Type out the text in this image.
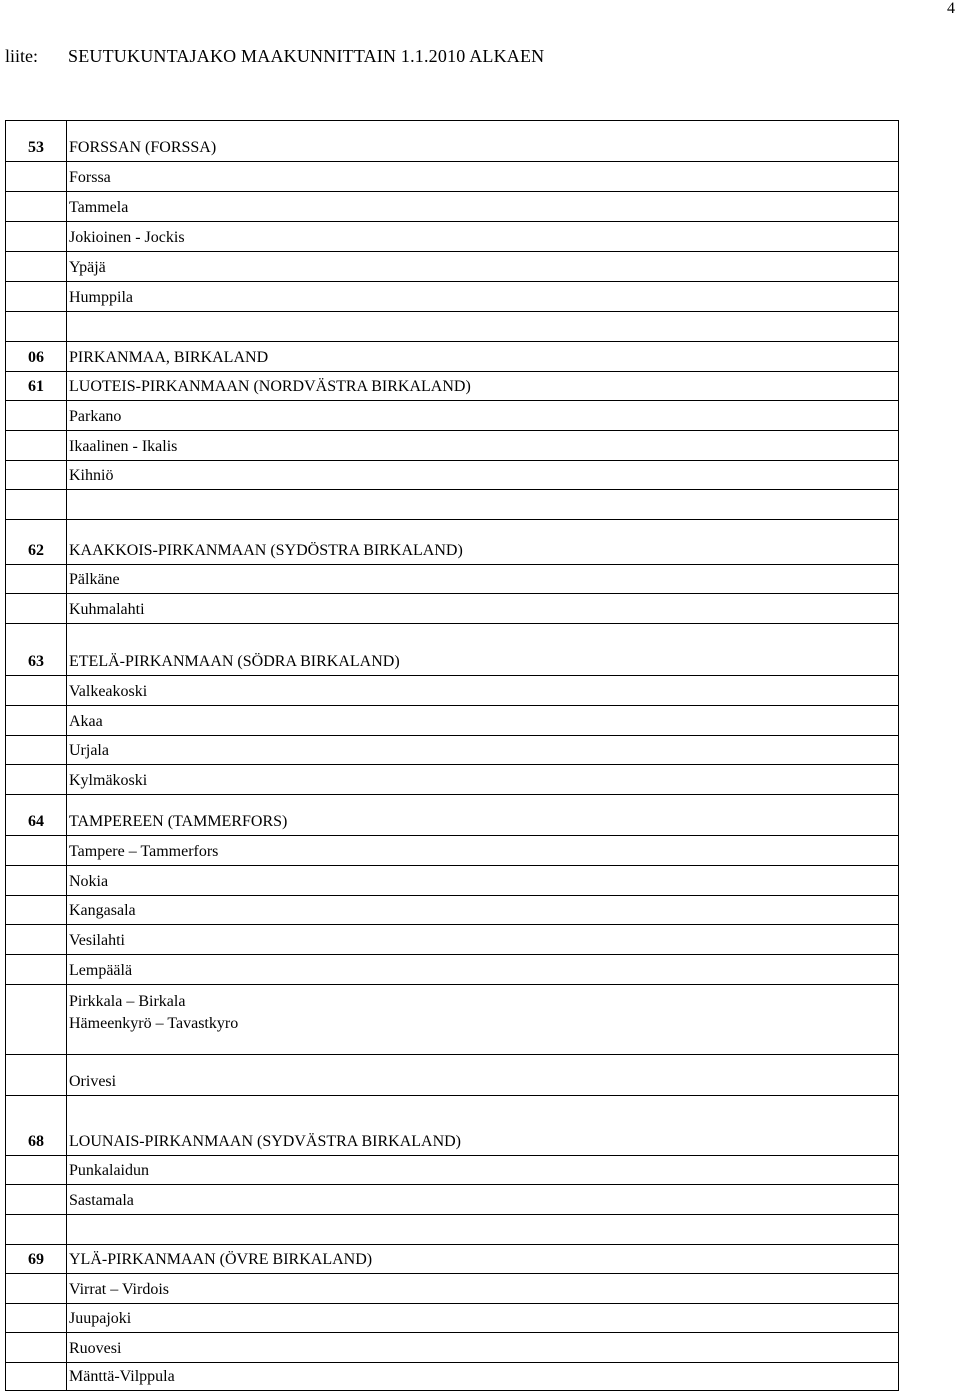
4
liite: SEUTUKUNTAJAKO MAAKUNNITTAIN 1.1.2010 ALKAEN
53	FORSSAN (FORSSA)
Forssa
Tammela
Jokioinen - Jockis
Ypäjä
Humppila
06	PIRKANMAA, BIRKALAND
61	LUOTEIS-PIRKANMAAN (NORDVÄSTRA BIRKALAND)
Parkano
Ikaalinen - Ikalis
Kihniö
62	KAAKKOIS-PIRKANMAAN (SYDÖSTRA BIRKALAND)
Pälkäne
Kuhmalahti
63	ETELÄ-PIRKANMAAN (SÖDRA BIRKALAND)
Valkeakoski
Akaa
Urjala
Kylmäkoski
64	TAMPEREEN (TAMMERFORS)
Tampere – Tammerfors
Nokia
Kangasala
Vesilahti
Lempäälä
Pirkkala – Birkala
Hämeenkyrö – Tavastkyro
Orivesi
68	LOUNAIS-PIRKANMAAN (SYDVÄSTRA BIRKALAND)
Punkalaidun
Sastamala
69	YLÄ-PIRKANMAAN (ÖVRE BIRKALAND)
Virrat – Virdois
Juupajoki
Ruovesi
Mänttä-Vilppula
